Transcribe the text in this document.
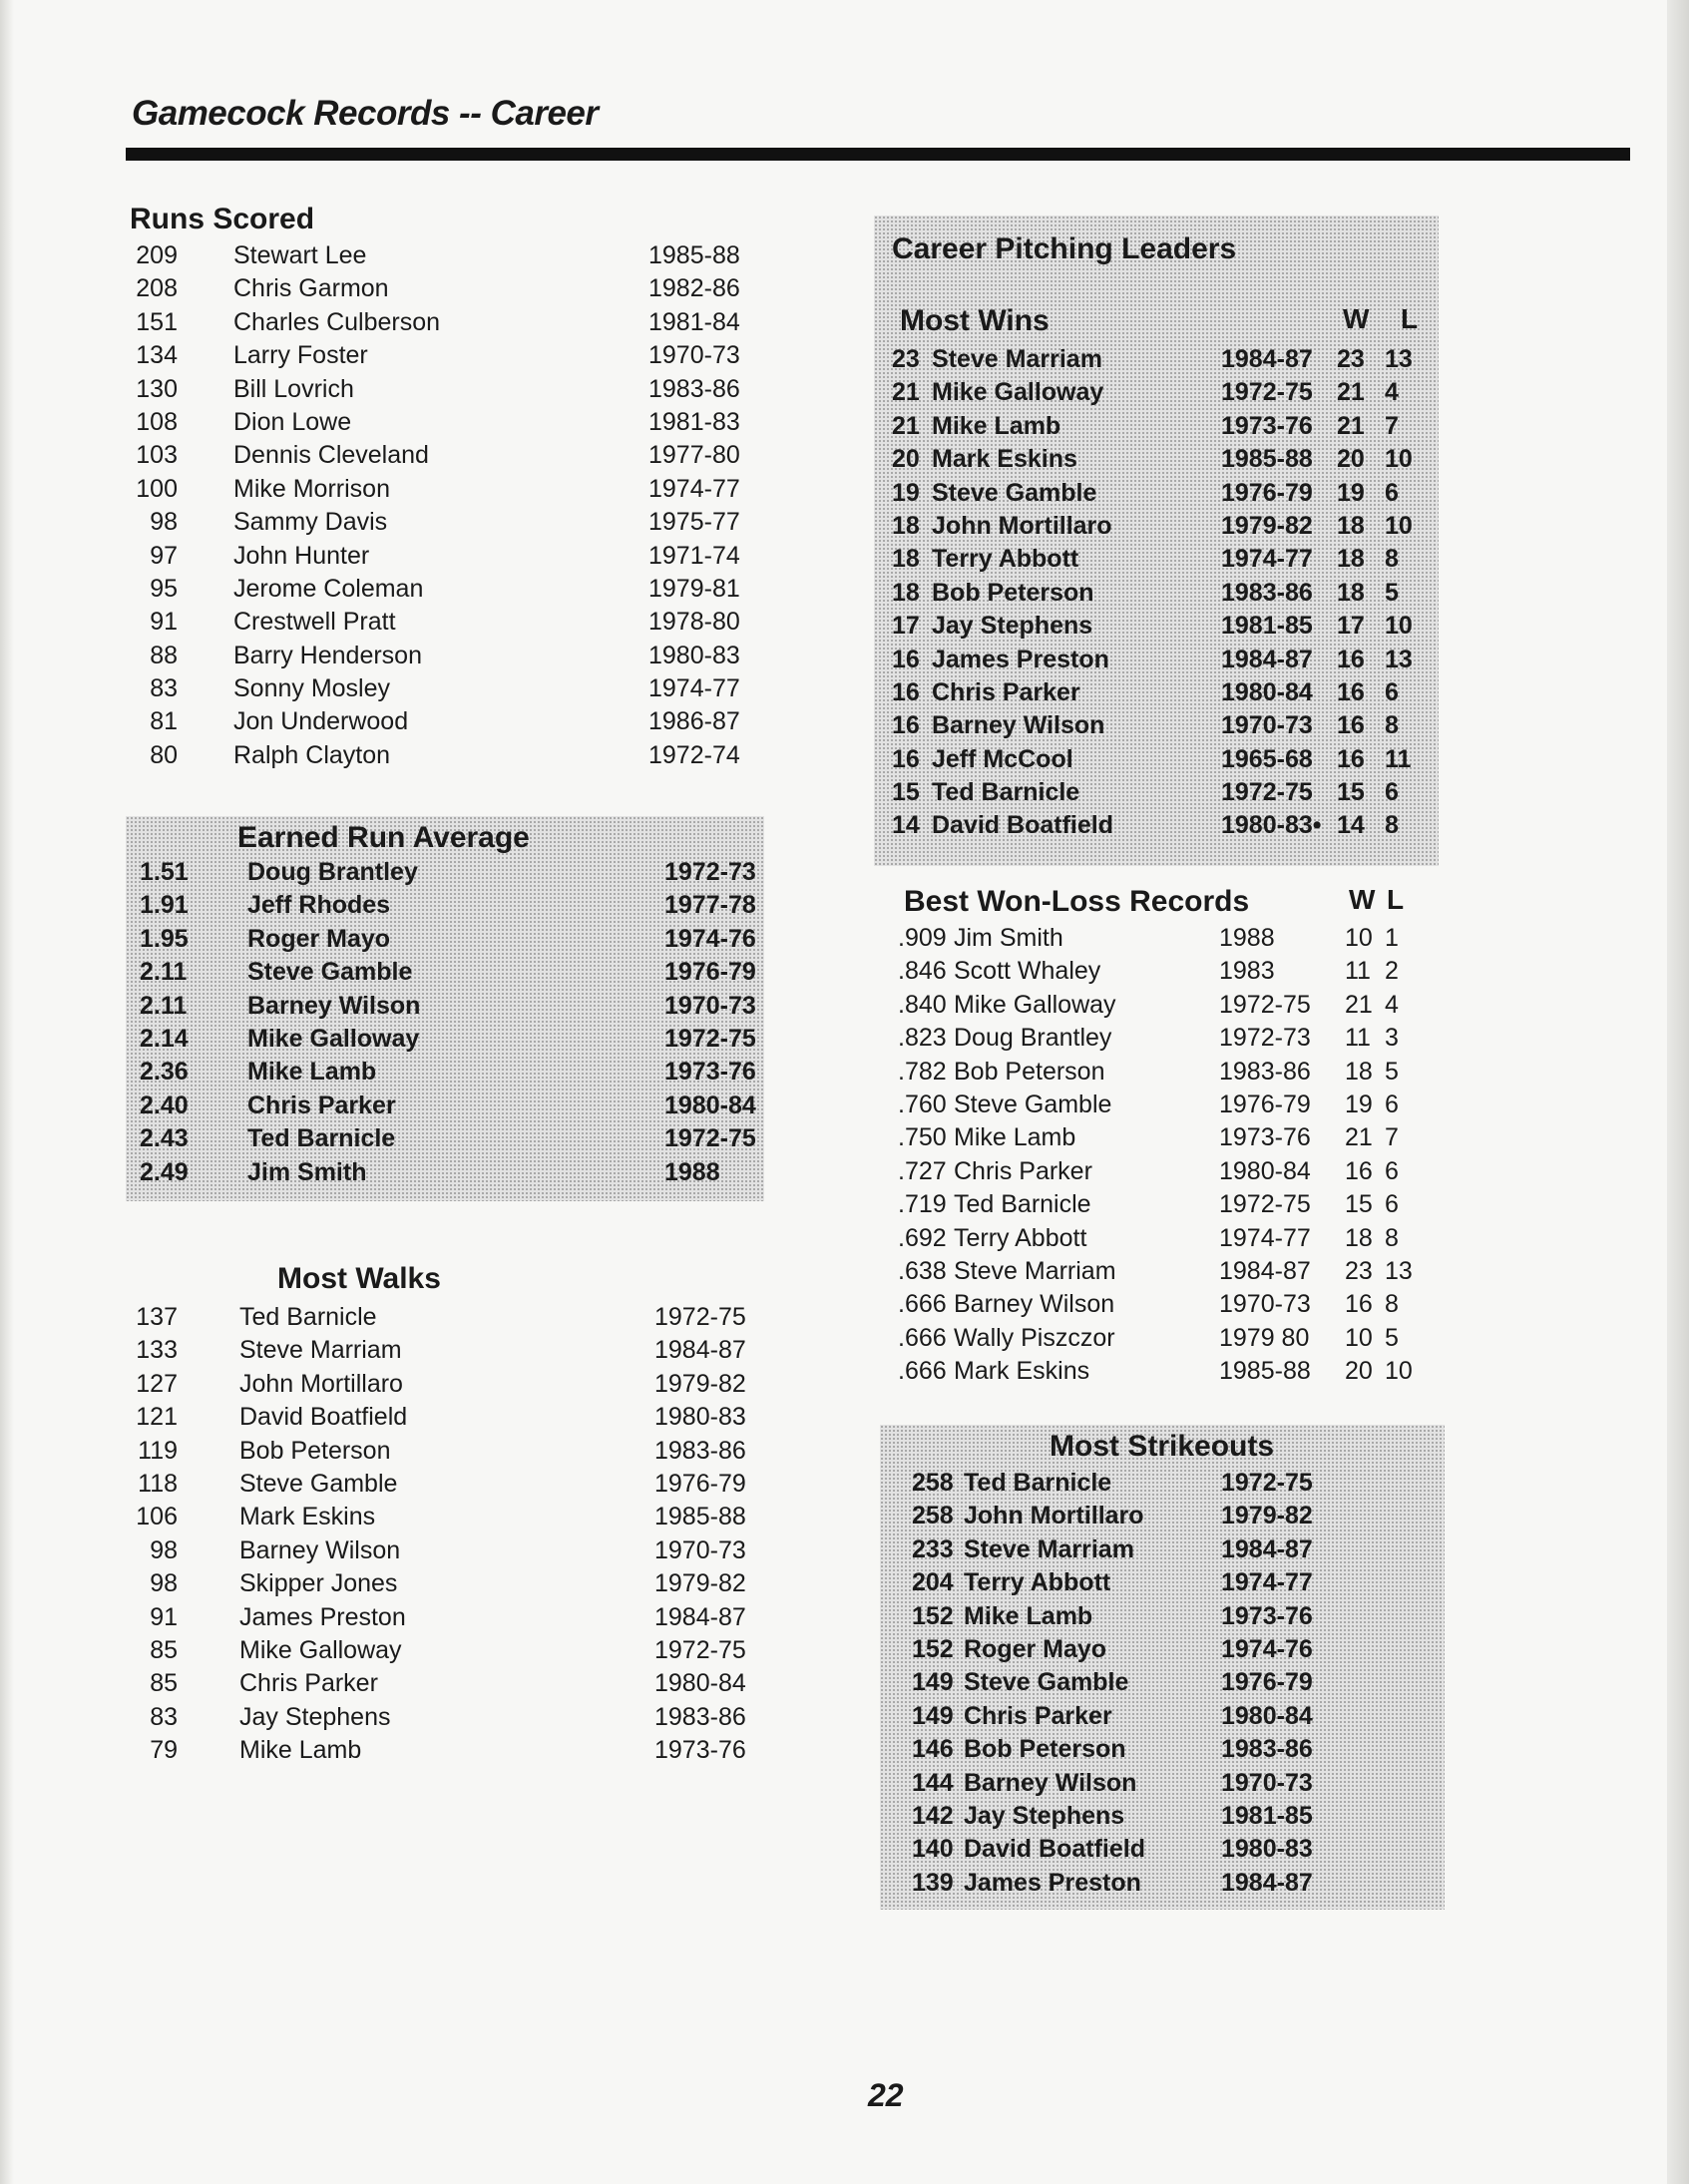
Gamecock Records -- Career
Runs Scored
209 Stewart Lee	1985-88
208 Chris Garmon	1982-86
151 Charles Culberson	1981-84
134 Larry Foster	1970-73
130 Bill Lovrich	1983-86
108 Dion Lowe	1981-83
103 Dennis Cleveland	1977-80
100 Mike Morrison	1974-77
98 Sammy Davis	1975-77
97 John Hunter	1971-74
95 Jerome Coleman	1979-81
91 Crestwell Pratt	1978-80
88 Barry Henderson	1980-83
83 Sonny Mosley	1974-77
81 Jon Underwood	1986-87
80 Ralph Clayton	1972-74
Earned Run Average
1.51 Doug Brantley	1972-73
1.91 Jeff Rhodes	1977-78
1.95 Roger Mayo	1974-76
2.11 Steve Gamble	1976-79
2.11 Barney Wilson	1970-73
2.14 Mike Galloway	1972-75
2.36 Mike Lamb	1973-76
2.40 Chris Parker	1980-84
2.43 Ted Barnicle	1972-75
2.49 Jim Smith	1988
Most Walks
137 Ted Barnicle	1972-75
133 Steve Marriam	1984-87
127 John Mortillaro	1979-82
121 David Boatfield	1980-83
119 Bob Peterson	1983-86
118 Steve Gamble	1976-79
106 Mark Eskins	1985-88
98 Barney Wilson	1970-73
98 Skipper Jones	1979-82
91 James Preston	1984-87
85 Mike Galloway	1972-75
85 Chris Parker	1980-84
83 Jay Stephens	1983-86
79 Mike Lamb	1973-76
Career Pitching Leaders
Most Wins	W L
23 Steve Marriam	1984-87 23 13
21 Mike Galloway	1972-75 21 4
21 Mike Lamb	1973-76 21 7
20 Mark Eskins	1985-88 20 10
19 Steve Gamble	1976-79 19 6
18 John Mortillaro	1979-82 18 10
18 Terry Abbott	1974-77 18 8
18 Bob Peterson	1983-86 18 5
17 Jay Stephens	1981-85 17 10
16 James Preston	1984-87 16 13
16 Chris Parker	1980-84 16 6
16 Barney Wilson	1970-73 16 8
16 Jeff McCool	1965-68 16 11
15 Ted Barnicle	1972-75 15 6
14 David Boatfield	1980-83• 14 8
Best Won-Loss Records	W L
.909 Jim Smith	1988	10 1
.846 Scott Whaley	1983	11 2
.840 Mike Galloway	1972-75 21 4
.823 Doug Brantley	1972-73 11 3
.782 Bob Peterson	1983-86 18 5
.760 Steve Gamble	1976-79 19 6
.750 Mike Lamb	1973-76 21 7
.727 Chris Parker	1980-84 16 6
.719 Ted Barnicle	1972-75 15 6
.692 Terry Abbott	1974-77 18 8
.638 Steve Marriam	1984-87 23 13
.666 Barney Wilson	1970-73 16 8
.666 Wally Piszczor	1979 80 10 5
.666 Mark Eskins	1985-88 20 10
Most Strikeouts
258 Ted Barnicle	1972-75
258 John Mortillaro	1979-82
233 Steve Marriam	1984-87
204 Terry Abbott	1974-77
152 Mike Lamb	1973-76
152 Roger Mayo	1974-76
149 Steve Gamble	1976-79
149 Chris Parker	1980-84
146 Bob Peterson	1983-86
144 Barney Wilson	1970-73
142 Jay Stephens	1981-85
140 David Boatfield	1980-83
139 James Preston	1984-87
22
